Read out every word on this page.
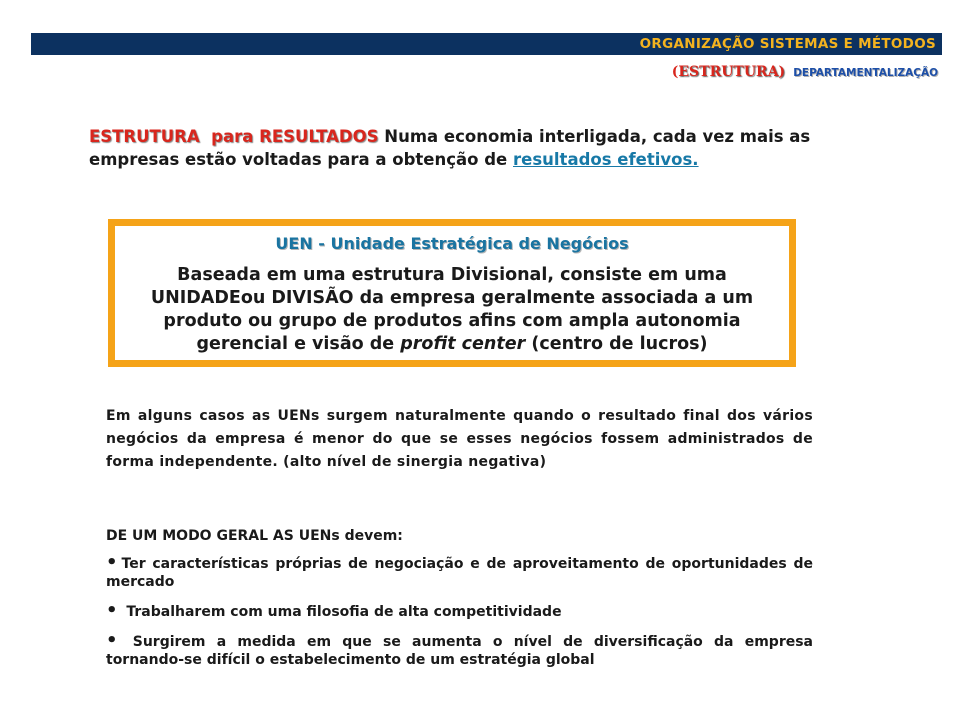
ORGANIZAÇÃO SISTEMAS E MÉTODOS
(ESTRUTURA) DEPARTAMENTALIZAÇÃO
ESTRUTURA para RESULTADOS Numa economia interligada, cada vez mais as empresas estão voltadas para a obtenção de resultados efetivos.
UEN - Unidade Estratégica de Negócios
Baseada em uma estrutura Divisional, consiste em uma UNIDADEou DIVISÃO da empresa geralmente associada a um produto ou grupo de produtos afins com ampla autonomia gerencial e visão de profit center (centro de lucros)
Em alguns casos as UENs surgem naturalmente quando o resultado final dos vários negócios da empresa é menor do que se esses negócios fossem administrados de forma independente. (alto nível de sinergia negativa)
DE UM MODO GERAL AS UENs devem:
• Ter características próprias de negociação e de aproveitamento de oportunidades de mercado
• Trabalharem com uma filosofia de alta competitividade
• Surgirem a medida em que se aumenta o nível de diversificação da empresa tornando-se difícil o estabelecimento de um estratégia global
